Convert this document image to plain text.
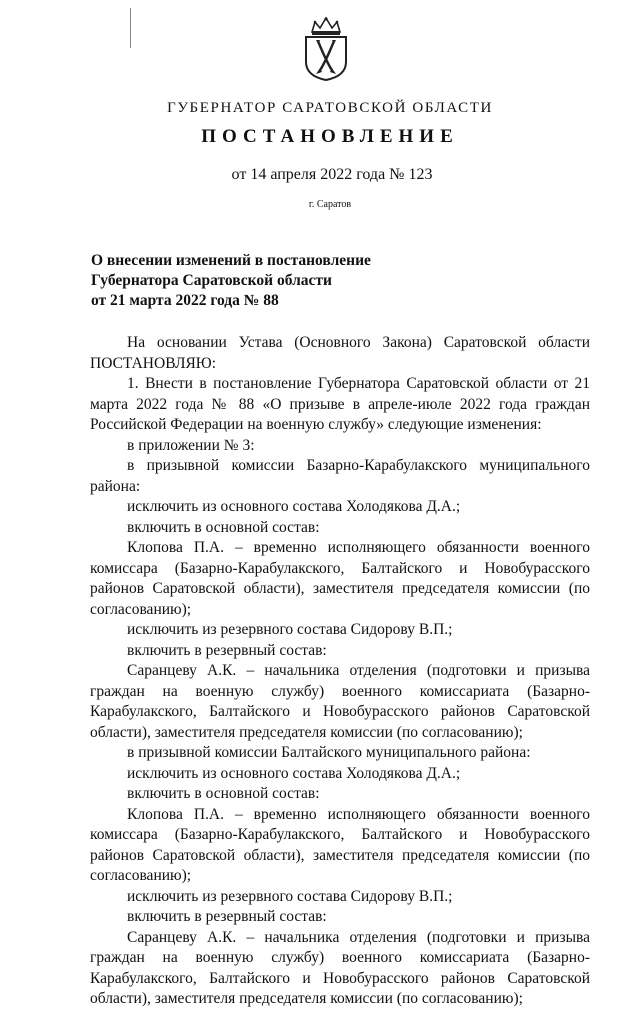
ГУБЕРНАТОР САРАТОВСКОЙ ОБЛАСТИ
ПОСТАНОВЛЕНИЕ
от 14 апреля 2022 года № 123
г. Саратов
О внесении изменений в постановление
Губернатора Саратовской области
от 21 марта 2022 года № 88
На основании Устава (Основного Закона) Саратовской области ПОСТАНОВЛЯЮ:
1. Внести в постановление Губернатора Саратовской области от 21 марта 2022 года № 88 «О призыве в апреле-июле 2022 года граждан Российской Федерации на военную службу» следующие изменения:
в приложении № 3:
в призывной комиссии Базарно-Карабулакского муниципального района:
исключить из основного состава Холодякова Д.А.;
включить в основной состав:
Клопова П.А. – временно исполняющего обязанности военного комиссара (Базарно-Карабулакского, Балтайского и Новобурасского районов Саратовской области), заместителя председателя комиссии (по согласованию);
исключить из резервного состава Сидорову В.П.;
включить в резервный состав:
Саранцеву А.К. – начальника отделения (подготовки и призыва граждан на военную службу) военного комиссариата (Базарно-Карабулакского, Балтайского и Новобурасского районов Саратовской области), заместителя председателя комиссии (по согласованию);
в призывной комиссии Балтайского муниципального района:
исключить из основного состава Холодякова Д.А.;
включить в основной состав:
Клопова П.А. – временно исполняющего обязанности военного комиссара (Базарно-Карабулакского, Балтайского и Новобурасского районов Саратовской области), заместителя председателя комиссии (по согласованию);
исключить из резервного состава Сидорову В.П.;
включить в резервный состав:
Саранцеву А.К. – начальника отделения (подготовки и призыва граждан на военную службу) военного комиссариата (Базарно-Карабулакского, Балтайского и Новобурасского районов Саратовской области), заместителя председателя комиссии (по согласованию);
